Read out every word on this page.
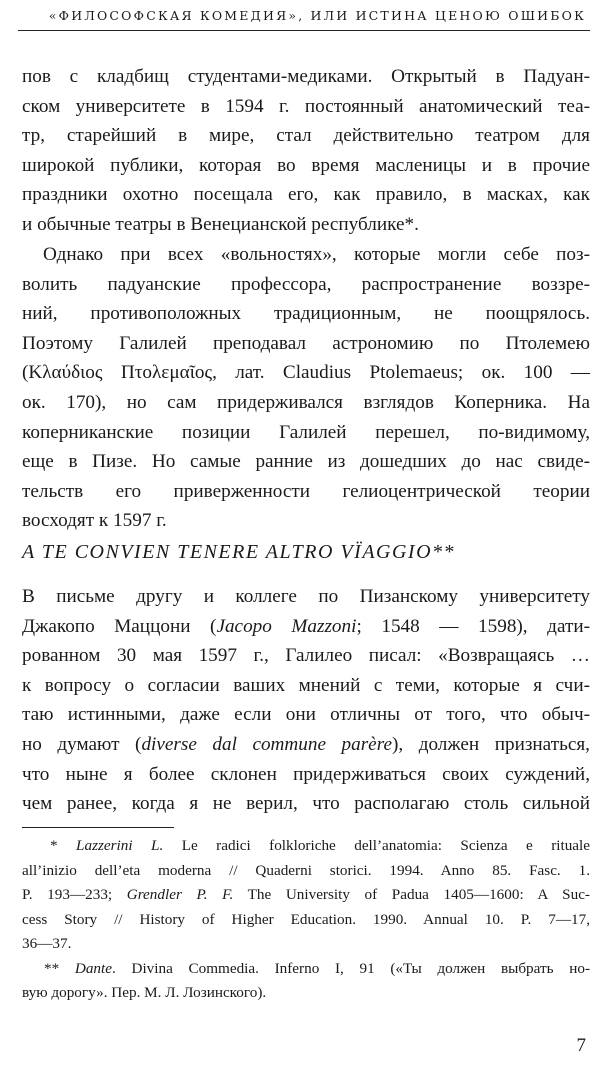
«ФИЛОСОФСКАЯ КОМЕДИЯ», ИЛИ ИСТИНА ЦЕНОЮ ОШИБОК
пов с кладбищ студентами-медиками. Открытый в Падуан-
ском университете в 1594 г. постоянный анатомический теа-
тр, старейший в мире, стал действительно театром для
широкой публики, которая во время масленицы и в прочие
праздники охотно посещала его, как правило, в масках, как
и обычные театры в Венецианской республике*.
Однако при всех «вольностях», которые могли себе поз-
волить падуанские профессора, распространение воззре-
ний, противоположных традиционным, не поощрялось.
Поэтому Галилей преподавал астрономию по Птолемею
(Κλαύδιος Πτολεμαῖος, лат. Claudius Ptolemaeus; ок. 100 —
ок. 170), но сам придерживался взглядов Коперника. На
коперниканские позиции Галилей перешел, по-видимому,
еще в Пизе. Но самые ранние из дошедших до нас свиде-
тельств его приверженности гелиоцентрической теории
восходят к 1597 г.
A TE CONVIEN TENERE ALTRO VÏAGGIO**
В письме другу и коллеге по Пизанскому университету
Джакопо Маццони (Jacopo Mazzoni; 1548 — 1598), дати-
рованном 30 мая 1597 г., Галилео писал: «Возвращаясь …
к вопросу о согласии ваших мнений с теми, которые я счи-
таю истинными, даже если они отличны от того, что обыч-
но думают (diverse dal commune parère), должен признаться,
что ныне я более склонен придерживаться своих суждений,
чем ранее, когда я не верил, что располагаю столь сильной
* Lazzerini L. Le radici folkloriche dell’anatomia: Scienza e rituale
all’inizio dell’eta moderna // Quaderni storici. 1994. Anno 85. Fasc. 1.
P. 193—233; Grendler P. F. The University of Padua 1405—1600: A Suc-
cess Story // History of Higher Education. 1990. Annual 10. P. 7—17,
36—37.
** Dante. Divina Commedia. Inferno I, 91 («Ты должен выбрать но-
вую дорогу». Пер. М. Л. Лозинского).
7
